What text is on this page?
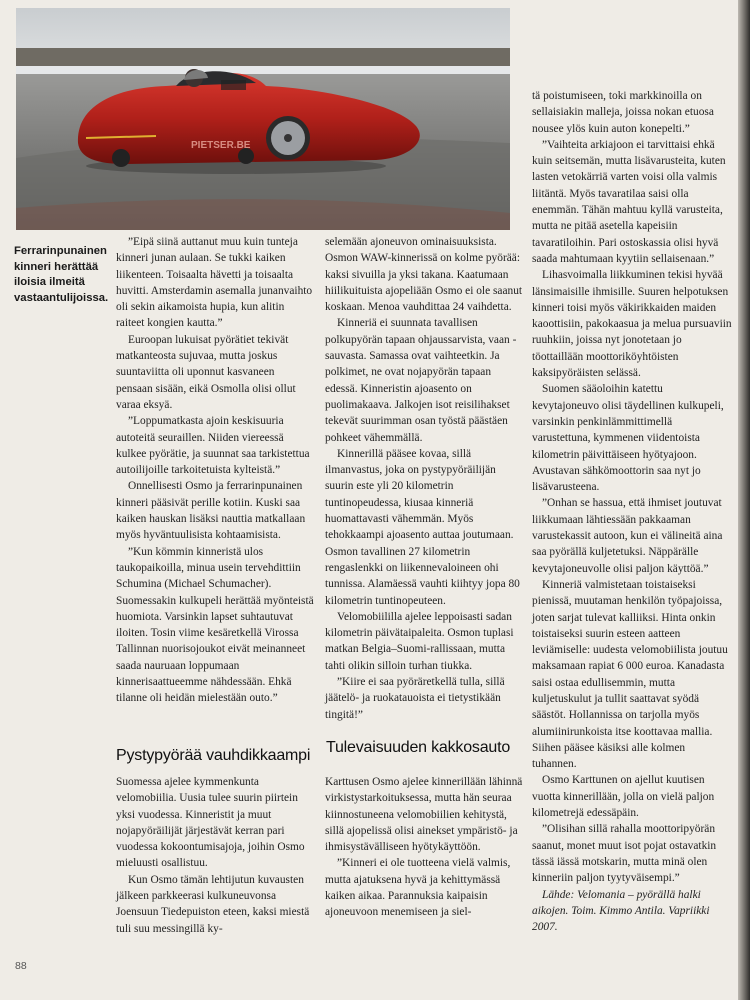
PIETSER.BE

Ferrarinpunainen kinneri herättää iloisia ilmeitä vastaantulijoissa.

”Eipä siinä auttanut muu kuin tunteja kinneri junan aulaan. Se tukki kaiken liikenteen. Toisaalta hävetti ja toisaalta huvitti. Amsterdamin asemalla junanvaihto oli sekin aikamoista hupia, kun alitin raiteet kongien kautta.”

Euroopan lukuisat pyörätiet tekivät matkanteosta sujuvaa, mutta joskus suuntaviitta oli uponnut kasvaneen pensaan sisään, eikä Osmolla olisi ollut varaa eksyä.

”Loppumatkasta ajoin keskisuuria autoteitä seuraillen. Niiden viereessä kulkee pyörätie, ja suunnat saa tarkistettua autoilijoille tarkoitetuista kylteistä.”

Onnellisesti Osmo ja ferrarinpunainen kinneri pääsivät perille kotiin. Kuski saa kaiken hauskan lisäksi nauttia matkallaan myös hyväntuulisista kohtaamisista.

”Kun kömmin kinneristä ulos taukopaikoilla, minua usein tervehdittiin Schumina (Michael Schumacher). Suomessakin kulkupeli herättää myönteistä huomiota. Varsinkin lapset suhtautuvat iloiten. Tosin viime kesäretkellä Virossa Tallinnan nuorisojoukot eivät meinanneet saada nauruaan loppumaan kinnerisaattueemme nähdessään. Ehkä tilanne oli heidän mielestään outo.”

Pystypyörää vauhdikkaampi

Suomessa ajelee kymmenkunta velomobiilia. Uusia tulee suurin piirtein yksi vuodessa. Kinneristit ja muut nojapyöräilijät järjestävät kerran pari vuodessa kokoontumisajoja, joihin Osmo mieluusti osallistuu.

Kun Osmo tämän lehtijutun kuvausten jälkeen parkkeerasi kulkuneuvonsa Joensuun Tiedepuiston eteen, kaksi miestä tuli suu messingillä ky-

selemään ajoneuvon ominaisuuksista. Osmon WAW-kinnerissä on kolme pyörää: kaksi sivuilla ja yksi takana. Kaatumaan hiilikuituista ajopeliään Osmo ei ole saanut koskaan. Menoa vauhdittaa 24 vaihdetta.

Kinneriä ei suunnata tavallisen polkupyörän tapaan ohjaussarvista, vaan -sauvasta. Samassa ovat vaihteetkin. Ja polkimet, ne ovat nojapyörän tapaan edessä. Kinneristin ajoasento on puolimakaava. Jalkojen isot reisilihakset tekevät suurimman osan työstä päästäen pohkeet vähemmällä.

Kinnerillä pääsee kovaa, sillä ilmanvastus, joka on pystypyöräilijän suurin este yli 20 kilometrin tuntinopeudessa, kiusaa kinneriä huomattavasti vähemmän. Myös tehokkaampi ajoasento auttaa joutumaan. Osmon tavallinen 27 kilometrin rengaslenkki on liikennevaloineen ohi tunnissa. Alamäessä vauhti kiihtyy jopa 80 kilometrin tuntinopeuteen.

Velomobiililla ajelee leppoisasti sadan kilometrin päivätaipaleita. Osmon tuplasi matkan Belgia–Suomi-rallissaan, mutta tahti olikin silloin turhan tiukka.

”Kiire ei saa pyöräretkellä tulla, sillä jäätelö- ja ruokatauoista ei tietystikään tingitä!”

Tulevaisuuden kakkosauto

Karttusen Osmo ajelee kinnerillään lähinnä virkistystarkoituksessa, mutta hän seuraa kiinnostuneena velomobiilien kehitystä, sillä ajopelissä olisi ainekset ympäristö- ja ihmisystävälliseen hyötykäyttöön.

”Kinneri ei ole tuotteena vielä valmis, mutta ajatuksena hyvä ja kehittymässä kaiken aikaa. Parannuksia kaipaisin ajoneuvoon menemiseen ja siel-

tä poistumiseen, toki markkinoilla on sellaisiakin malleja, joissa nokan etuosa nousee ylös kuin auton konepelti.”

”Vaihteita arkiajoon ei tarvittaisi ehkä kuin seitsemän, mutta lisävarusteita, kuten lasten vetokärriä varten voisi olla valmis liitäntä. Myös tavaratilaa saisi olla enemmän. Tähän mahtuu kyllä varusteita, mutta ne pitää asetella kapeisiin tavaratiloihin. Pari ostoskassia olisi hyvä saada mahtumaan kyytiin sellaisenaan.”

Lihasvoimalla liikkuminen tekisi hyvää länsimaisille ihmisille. Suuren helpotuksen kinneri toisi myös väkirikkaiden maiden kaoottisiin, pakokaasua ja melua pursuaviin ruuhkiin, joissa nyt jonotetaan jo töottaillään moottoriköyhtöisten kaksipyöräisten selässä.

Suomen sääoloihin katettu kevytajoneuvo olisi täydellinen kulkupeli, varsinkin penkinlämmittimellä varustettuna, kymmenen viidentoista kilometrin päivittäiseen hyötyajoon. Avustavan sähkömoottorin saa nyt jo lisävarusteena.

”Onhan se hassua, että ihmiset joutuvat liikkumaan lähtiessään pakkaaman varustekassit autoon, kun ei välineitä aina saa pyörällä kuljetetuksi. Näppärälle kevytajoneuvolle olisi paljon käyttöä.”

Kinneriä valmistetaan toistaiseksi pienissä, muutaman henkilön työpajoissa, joten sarjat tulevat kalliiksi. Hinta onkin toistaiseksi suurin esteen aatteen leviämiselle: uudesta velomobiilista joutuu maksamaan rapiat 6 000 euroa. Kanadasta saisi ostaa edullisemmin, mutta kuljetuskulut ja tullit saattavat syödä säästöt. Hollannissa on tarjolla myös alumiinirunkoista itse koottavaa mallia. Siihen pääsee käsiksi alle kolmen tuhannen.

Osmo Karttunen on ajellut kuutisen vuotta kinnerillään, jolla on vielä paljon kilometrejä edessäpäin.

”Olisihan sillä rahalla moottoripyörän saanut, monet muut isot pojat ostavatkin tässä iässä motskarin, mutta minä olen kinneriin paljon tyytyväisempi.”

Lähde: Velomania – pyörällä halki aikojen. Toim. Kimmo Antila. Vapriikki 2007.

88
